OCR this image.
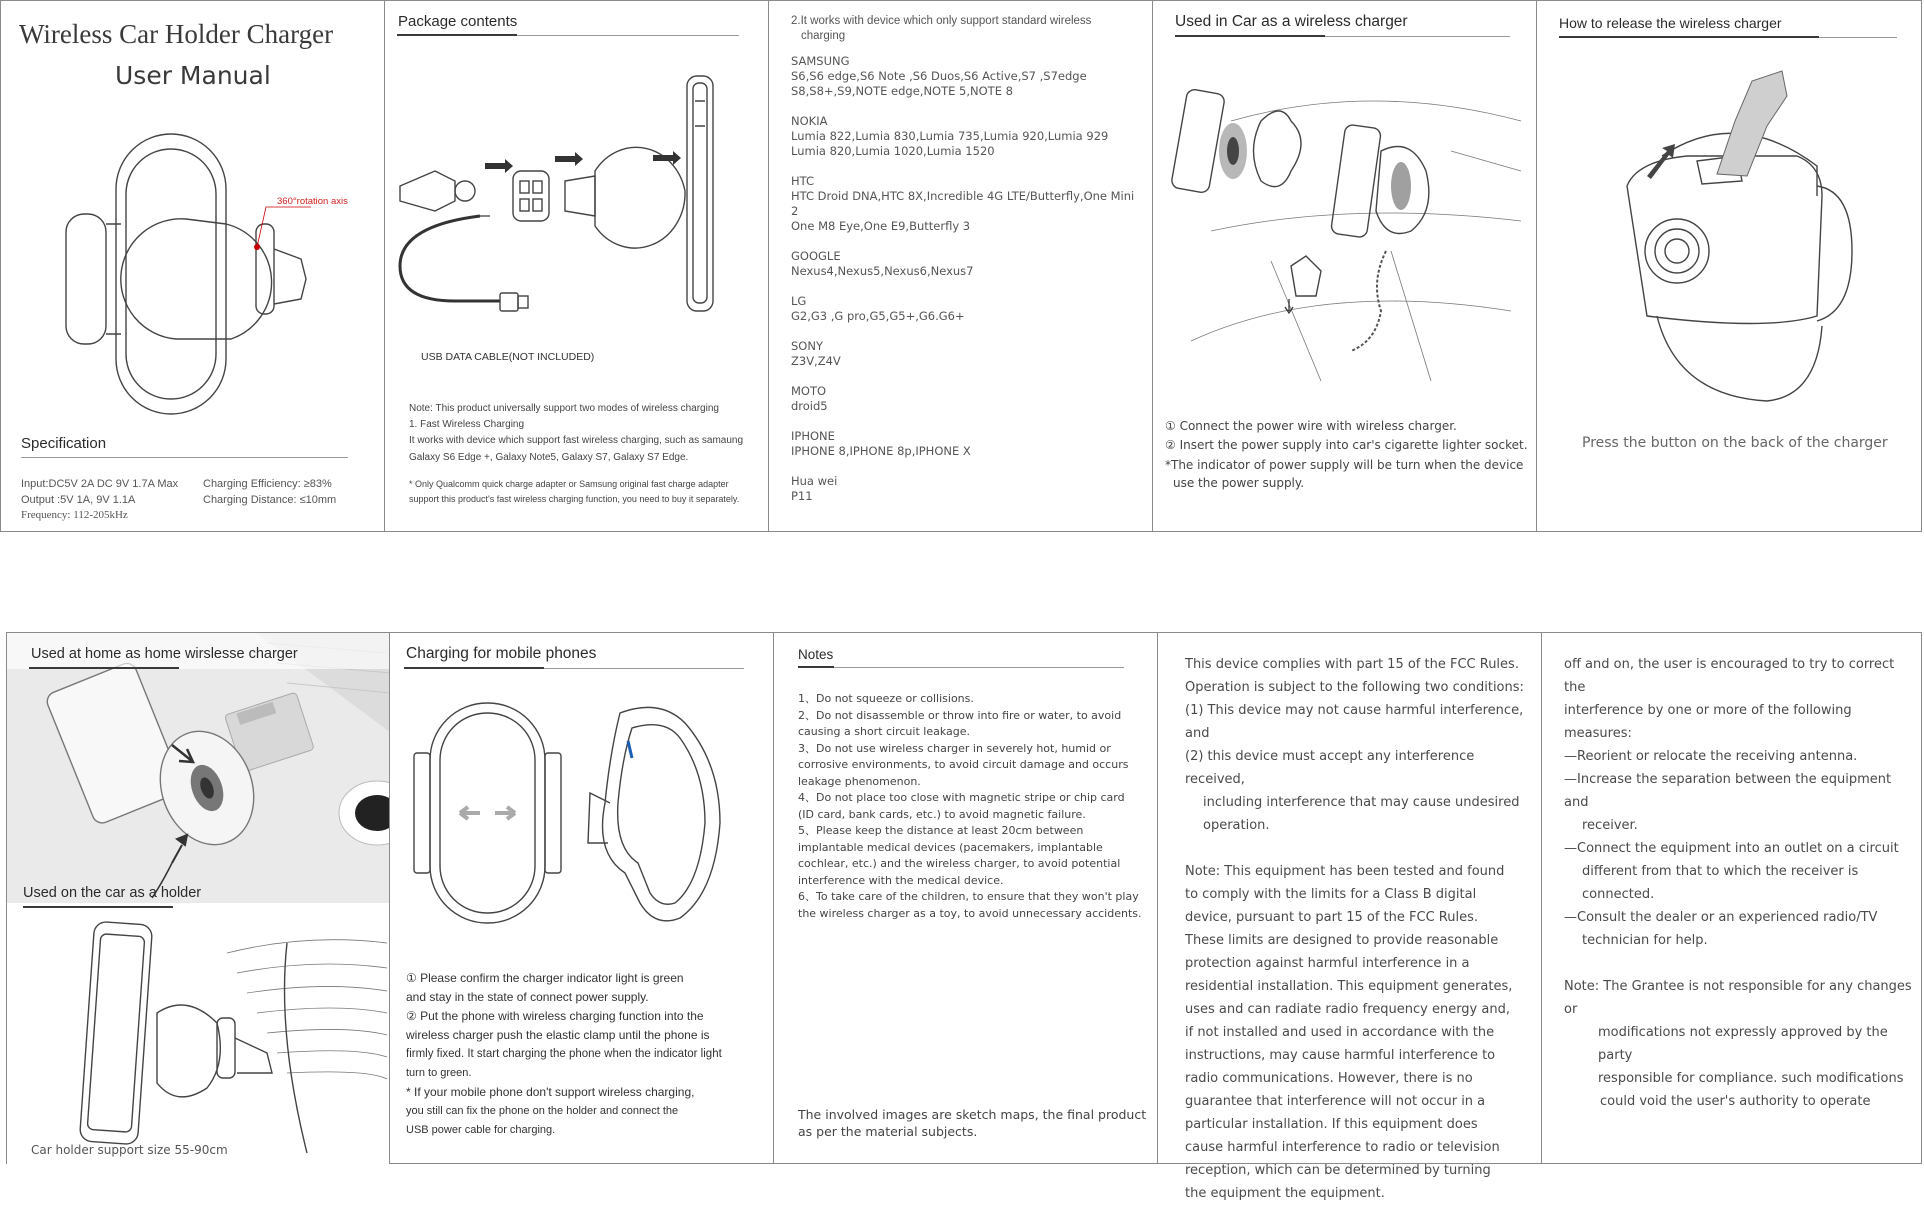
Wireless Car Holder Charger
User Manual
360°rotation axis
Specification
Input:DC5V 2A DC 9V 1.7A Max
Output :5V 1A, 9V 1.1A
Frequency: 112-205kHz
Charging Efficiency: ≥83%
Charging Distance: ≤10mm
Package contents
USB DATA CABLE(NOT INCLUDED)
Note: This product universally support two modes of wireless charging
1. Fast Wireless Charging
It works with device which support fast wireless charging, such as samaung
Galaxy S6 Edge +, Galaxy Note5, Galaxy S7, Galaxy S7 Edge.
* Only Qualcomm quick charge adapter or Samsung original fast charge adapter
support this product's fast wireless charging function, you need to buy it separately.
2.It works with device which only support standard wireless
charging
SAMSUNG
S6,S6 edge,S6 Note ,S6 Duos,S6 Active,S7 ,S7edge
S8,S8+,S9,NOTE edge,NOTE 5,NOTE 8
NOKIA
Lumia 822,Lumia 830,Lumia 735,Lumia 920,Lumia 929
Lumia 820,Lumia 1020,Lumia 1520
HTC
HTC Droid DNA,HTC 8X,Incredible 4G LTE/Butterfly,One Mini 2
One M8 Eye,One E9,Butterfly 3
GOOGLE
Nexus4,Nexus5,Nexus6,Nexus7
LG
G2,G3 ,G pro,G5,G5+,G6.G6+
SONY
Z3V,Z4V
MOTO
droid5
IPHONE
IPHONE 8,IPHONE 8p,IPHONE X
Hua wei
P11
Used in Car as a wireless charger
① Connect the power wire with wireless charger.
② Insert the power supply into car's cigarette lighter socket.
*The indicator of power supply will be turn when the device
use the power supply.
How to release the wireless charger
Press the button on the back of the charger
Used at home as home wirslesse charger
Used on the car as a holder
Car holder support size 55-90cm
Charging for mobile phones
① Please confirm the charger indicator light is green
and stay in the state of connect power supply.
② Put the phone with wireless charging function into the
wireless charger push the elastic clamp until the phone is
firmly fixed. It start charging the phone when the indicator light
turn to green.
* If your mobile phone don't support wireless charging,
you still can fix the phone on the holder and connect the
USB power cable for charging.
Notes

1、Do not squeeze or collisions.

2、Do not disassemble or throw into fire or water, to avoid causing a short circuit leakage.

3、Do not use wireless charger in severely hot, humid or corrosive environments, to avoid circuit damage and occurs leakage phenomenon.

4、Do not place too close with magnetic stripe or chip card (ID card, bank cards, etc.) to avoid magnetic failure.

5、Please keep the distance at least 20cm between implantable medical devices (pacemakers, implantable cochlear, etc.) and the wireless charger, to avoid potential interference with the medical device.

6、To take care of the children, to ensure that they won't play the wireless charger as a toy, to avoid unnecessary accidents.

The involved images are sketch maps, the final product
as per the material subjects.

This device complies with part 15 of the FCC Rules.

Operation is subject to the following two conditions:

(1) This device may not cause harmful interference, and

(2) this device must accept any interference received,

including interference that may cause undesired

operation.

Note: This equipment has been tested and found to comply with the limits for a Class B digital device, pursuant to part 15 of the FCC Rules. These limits are designed to provide reasonable protection against harmful interference in a residential installation. This equipment generates, uses and can radiate radio frequency energy and, if not installed and used in accordance with the instructions, may cause harmful interference to radio communications. However, there is no guarantee that interference will not occur in a particular installation. If this equipment does cause harmful interference to radio or television reception, which can be determined by turning the equipment the equipment.

off and on, the user is encouraged to try to correct the

interference by one or more of the following measures:

—Reorient or relocate the receiving antenna.

—Increase the separation between the equipment and

receiver.

—Connect the equipment into an outlet on a circuit

different from that to which the receiver is connected.

—Consult the dealer or an experienced radio/TV

technician for help.

Note: The Grantee is not responsible for any changes or

modifications not expressly approved by the party

responsible for compliance. such modifications

could void the user's authority to operate
